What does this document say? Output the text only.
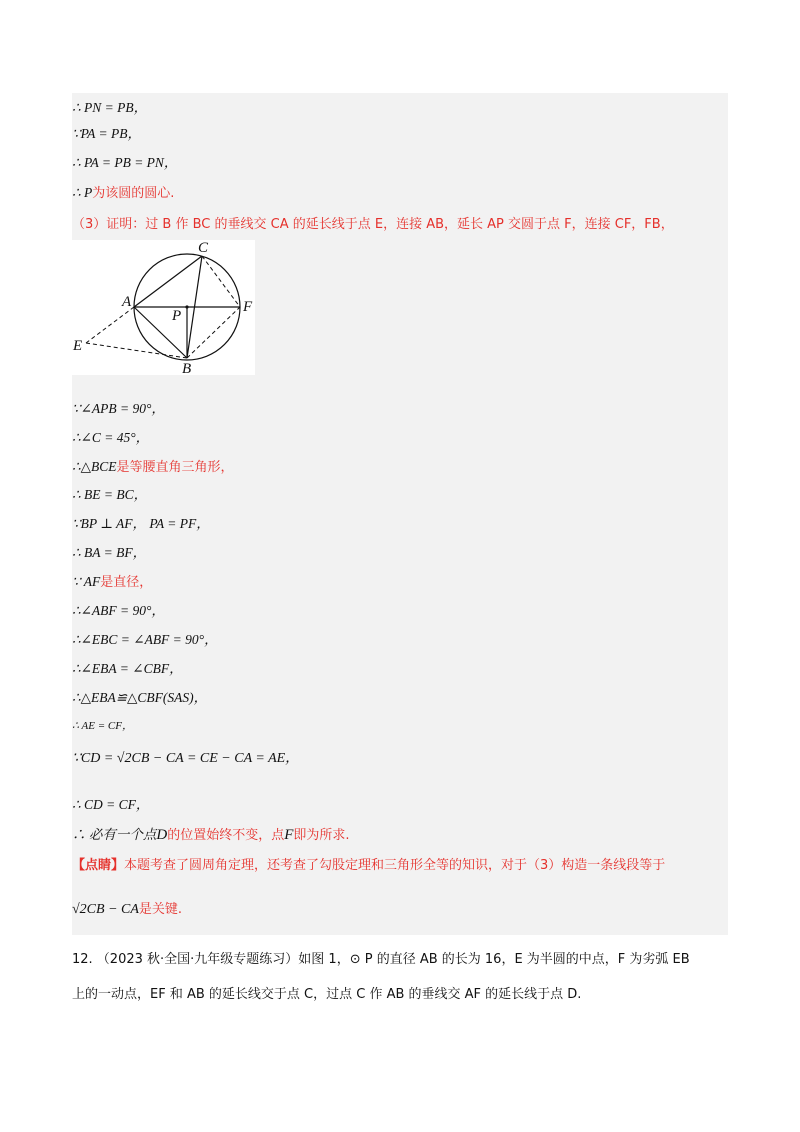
∴ PN = PB，
∵PA = PB，
∴ PA = PB = PN，
∴ P为该圆的圆心.
（3）证明：过 B 作 BC 的垂线交 CA 的延长线于点 E，连接 AB，延长 AP 交圆于点 F，连接 CF，FB，
C
A	F
P
E
B
∵∠APB = 90°，
∴∠C = 45°，
∴△BCE是等腰直角三角形，
∴ BE = BC，
∵BP ⊥ AF， PA = PF，
∴ BA = BF，
∵ AF是直径，
∴∠ABF = 90°，
∴∠EBC = ∠ABF = 90°，
∴∠EBA = ∠CBF，
∴△EBA≌△CBF(SAS)，
∴ AE = CF，
∵CD = √2CB − CA = CE − CA = AE，
∴ CD = CF，
∴ 必有一个点D的位置始终不变，点F即为所求.
【点睛】本题考查了圆周角定理，还考查了勾股定理和三角形全等的知识，对于（3）构造一条线段等于
√2CB − CA是关键.
12. （2023 秋·全国·九年级专题练习）如图 1，⊙ P 的直径 AB 的长为 16，E 为半圆的中点，F 为劣弧 EB
上的一动点，EF 和 AB 的延长线交于点 C，过点 C 作 AB 的垂线交 AF 的延长线于点 D.
